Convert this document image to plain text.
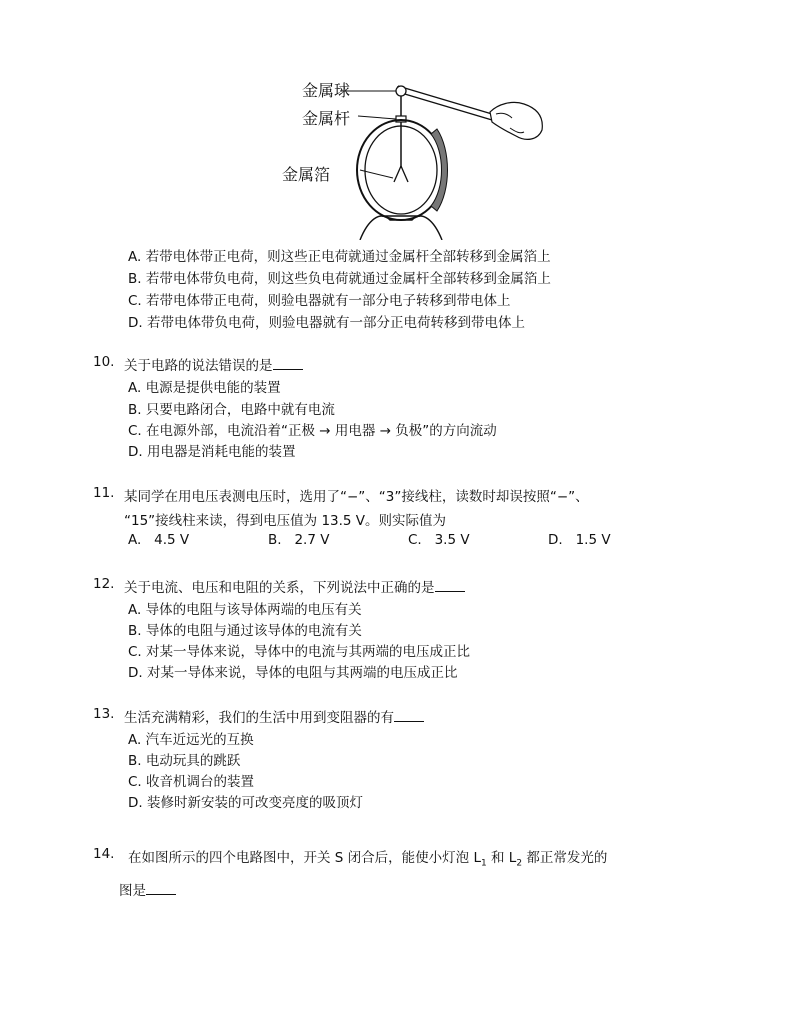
金属球
金属杆
金属箔
A. 若带电体带正电荷，则这些正电荷就通过金属杆全部转移到金属箔上
B. 若带电体带负电荷，则这些负电荷就通过金属杆全部转移到金属箔上
C. 若带电体带正电荷，则验电器就有一部分电子转移到带电体上
D. 若带电体带负电荷，则验电器就有一部分正电荷转移到带电体上
10. 关于电路的说法错误的是
A. 电源是提供电能的装置
B. 只要电路闭合，电路中就有电流
C. 在电源外部，电流沿着“正极 → 用电器 → 负极”的方向流动
D. 用电器是消耗电能的装置
11. 某同学在用电压表测电压时，选用了“−”、“3”接线柱，读数时却误按照“−”、
“15”接线柱来读，得到电压值为 13.5 V。则实际值为
A. 4.5 V	B. 2.7 V	C. 3.5 V	D. 1.5 V
12. 关于电流、电压和电阻的关系，下列说法中正确的是
A. 导体的电阻与该导体两端的电压有关
B. 导体的电阻与通过该导体的电流有关
C. 对某一导体来说，导体中的电流与其两端的电压成正比
D. 对某一导体来说，导体的电阻与其两端的电压成正比
13. 生活充满精彩，我们的生活中用到变阻器的有
A. 汽车近远光的互换
B. 电动玩具的跳跃
C. 收音机调台的装置
D. 装修时新安装的可改变亮度的吸顶灯
14. 在如图所示的四个电路图中，开关 S 闭合后，能使小灯泡 $L_1$ 和 $L_2$ 都正常发光的
图是
